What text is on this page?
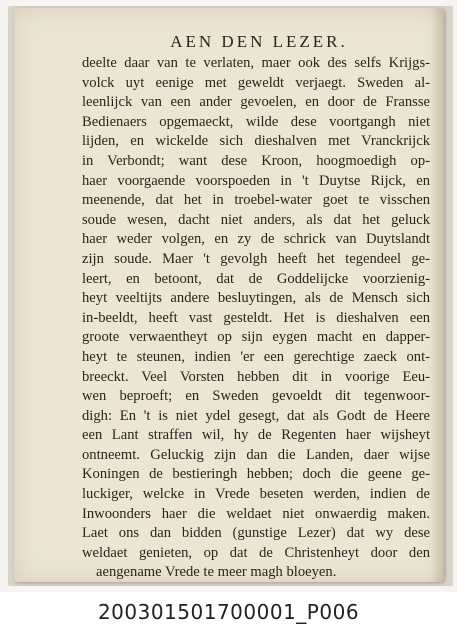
AEN DEN LEZER.
deelte daar van te verlaten, maer ook des selfs Krijgs-
volck uyt eenige met geweldt verjaegt. Sweden al-
leenlijck van een ander gevoelen, en door de Fransse
Bedienaers opgemaeckt, wilde dese voortgangh niet
lijden, en wickelde sich dieshalven met Vranckrijck
in Verbondt; want dese Kroon, hoogmoedigh op-
haer voorgaende voorspoeden in 't Duytse Rijck, en
meenende, dat het in troebel-water goet te visschen
soude wesen, dacht niet anders, als dat het geluck
haer weder volgen, en zy de schrick van Duytslandt
zijn soude. Maer 't gevolgh heeft het tegendeel ge-
leert, en betoont, dat de Goddelijcke voorzienig-
heyt veeltijts andere besluytingen, als de Mensch sich
in-beeldt, heeft vast gesteldt. Het is dieshalven een
groote verwaentheyt op sijn eygen macht en dapper-
heyt te steunen, indien 'er een gerechtige zaeck ont-
breeckt. Veel Vorsten hebben dit in voorige Eeu-
wen beproeft; en Sweden gevoeldt dit tegenwoor-
digh: En 't is niet ydel gesegt, dat als Godt de Heere
een Lant straffen wil, hy de Regenten haer wijsheyt
ontneemt. Geluckig zijn dan die Landen, daer wijse
Koningen de bestieringh hebben; doch die geene ge-
luckiger, welcke in Vrede beseten werden, indien de
Inwoonders haer die weldaet niet onwaerdig maken.
Laet ons dan bidden (gunstige Lezer) dat wy dese
weldaet genieten, op dat de Christenheyt door den
aengename Vrede te meer magh bloeyen.
200301501700001_P006
